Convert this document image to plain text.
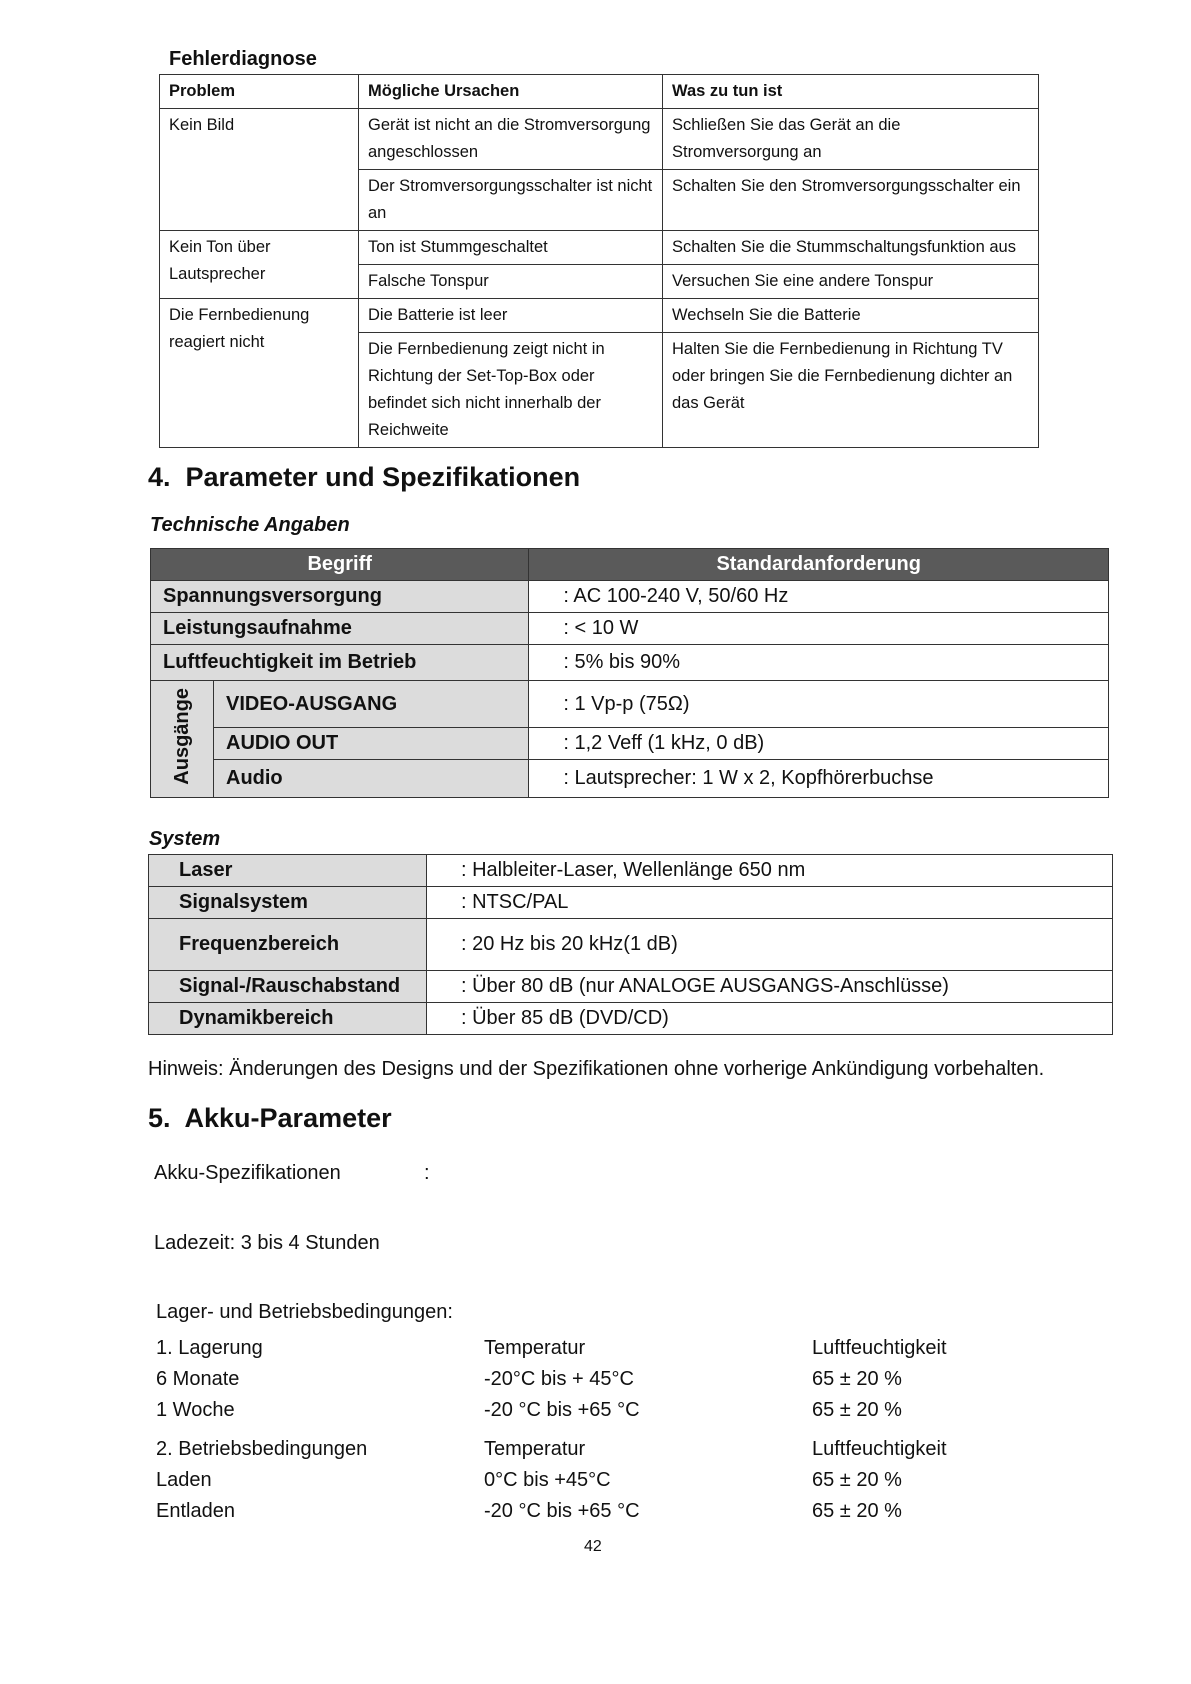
Fehlerdiagnose
Problem	Mögliche Ursachen	Was zu tun ist
Kein Bild	Gerät ist nicht an die Stromversorgung angeschlossen	Schließen Sie das Gerät an die Stromversorgung an
	Der Stromversorgungsschalter ist nicht an	Schalten Sie den Stromversorgungsschalter ein
Kein Ton über Lautsprecher	Ton ist Stummgeschaltet	Schalten Sie die Stummschaltungsfunktion aus
	Falsche Tonspur	Versuchen Sie eine andere Tonspur
Die Fernbedienung reagiert nicht	Die Batterie ist leer	Wechseln Sie die Batterie
	Die Fernbedienung zeigt nicht in Richtung der Set-Top-Box oder befindet sich nicht innerhalb der Reichweite	Halten Sie die Fernbedienung in Richtung TV oder bringen Sie die Fernbedienung dichter an das Gerät
4.  Parameter und Spezifikationen
Technische Angaben
Begriff		Standardanforderung
Spannungsversorgung		: AC 100-240 V, 50/60 Hz
Leistungsaufnahme		: < 10 W
Luftfeuchtigkeit im Betrieb		: 5% bis 90%
Ausgänge	VIDEO-AUSGANG	: 1 Vp-p (75Ω)
	AUDIO OUT	: 1,2 Veff (1 kHz, 0 dB)
	Audio	: Lautsprecher: 1 W x 2, Kopfhörerbuchse
System
Laser	: Halbleiter-Laser, Wellenlänge 650 nm
Signalsystem	: NTSC/PAL
Frequenzbereich	: 20 Hz bis 20 kHz(1 dB)
Signal-/Rauschabstand	: Über 80 dB (nur ANALOGE AUSGANGS-Anschlüsse)
Dynamikbereich	: Über 85 dB (DVD/CD)
Hinweis: Änderungen des Designs und der Spezifikationen ohne vorherige Ankündigung vorbehalten.
5.  Akku-Parameter
Akku-Spezifikationen	:
Ladezeit: 3 bis 4 Stunden
Lager- und Betriebsbedingungen:
1. Lagerung	Temperatur	Luftfeuchtigkeit
6 Monate	-20°C bis + 45°C	65 ± 20 %
1 Woche	-20 °C bis +65 °C	65 ± 20 %
2. Betriebsbedingungen	Temperatur	Luftfeuchtigkeit
Laden	0°C bis +45°C	65 ± 20 %
Entladen	-20 °C bis +65 °C	65 ± 20 %
42
